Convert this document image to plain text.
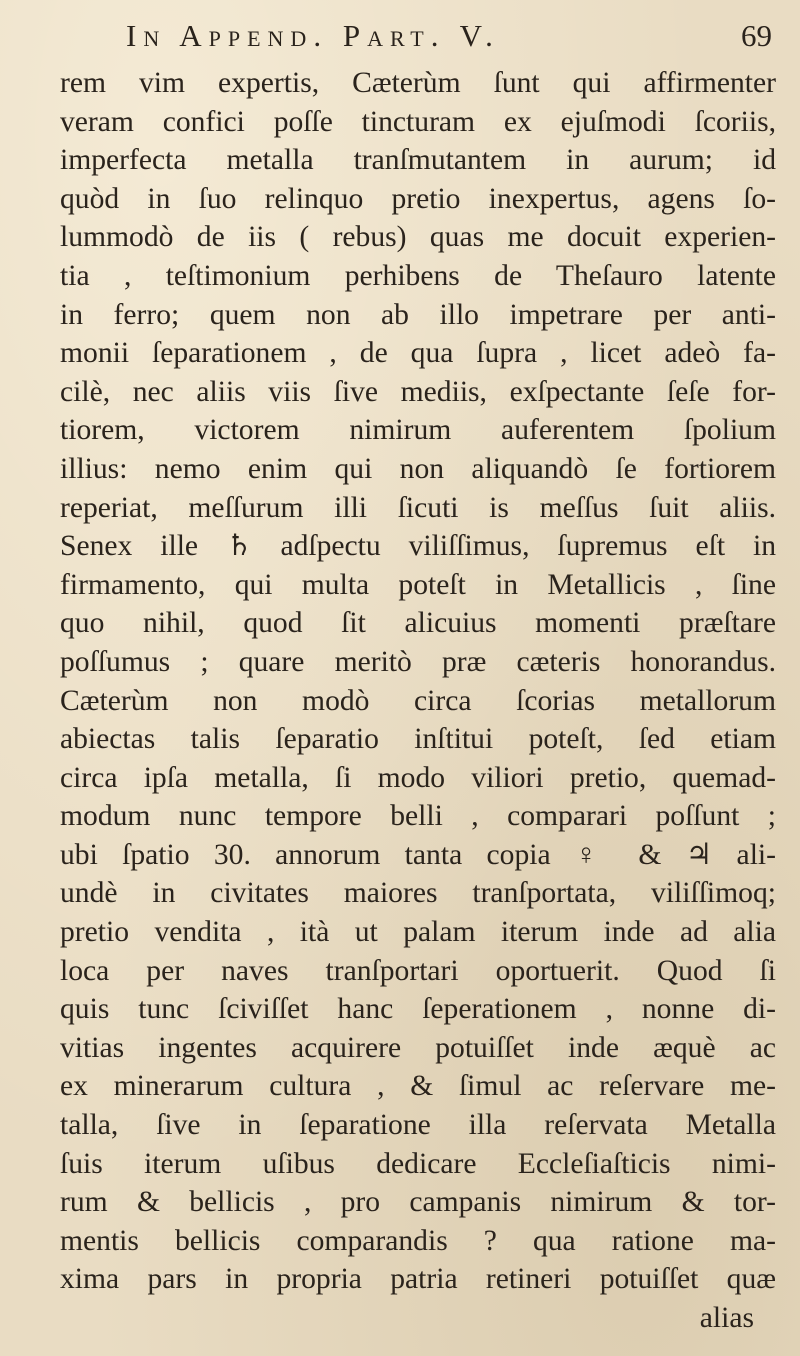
In Append. Part. V.	69
rem vim expertis, Cæterùm ſunt qui affirmenter
veram confici poſſe tincturam ex ejuſmodi ſcoriis,
imperfecta metalla tranſmutantem in aurum; id
quòd in ſuo relinquo pretio inexpertus, agens ſo-
lummodò de iis ( rebus) quas me docuit experien-
tia , teſtimonium perhibens de Theſauro latente
in ferro; quem non ab illo impetrare per anti-
monii ſeparationem , de qua ſupra , licet adeò fa-
cilè, nec aliis viis ſive mediis, exſpectante ſeſe for-
tiorem, victorem nimirum auferentem ſpolium
illius: nemo enim qui non aliquandò ſe fortiorem
reperiat, meſſurum illi ſicuti is meſſus ſuit aliis.
Senex ille ♄ adſpectu viliſſimus, ſupremus eſt in
firmamento, qui multa poteſt in Metallicis , ſine
quo nihil, quod ſit alicuius momenti præſtare
poſſumus ; quare meritò præ cæteris honorandus.
Cæterùm non modò circa ſcorias metallorum
abiectas talis ſeparatio inſtitui poteſt, ſed etiam
circa ipſa metalla, ſi modo viliori pretio, quemad-
modum nunc tempore belli , comparari poſſunt ;
ubi ſpatio 30. annorum tanta copia ♀ & ♃ ali-
undè in civitates maiores tranſportata, viliſſimoq;
pretio vendita , ità ut palam iterum inde ad alia
loca per naves tranſportari oportuerit. Quod ſi
quis tunc ſciviſſet hanc ſeperationem , nonne di-
vitias ingentes acquirere potuiſſet inde æquè ac
ex minerarum cultura , & ſimul ac reſervare me-
talla, ſive in ſeparatione illa reſervata Metalla
ſuis iterum uſibus dedicare Eccleſiaſticis nimi-
rum & bellicis , pro campanis nimirum & tor-
mentis bellicis comparandis ? qua ratione ma-
xima pars in propria patria retineri potuiſſet quæ
alias
